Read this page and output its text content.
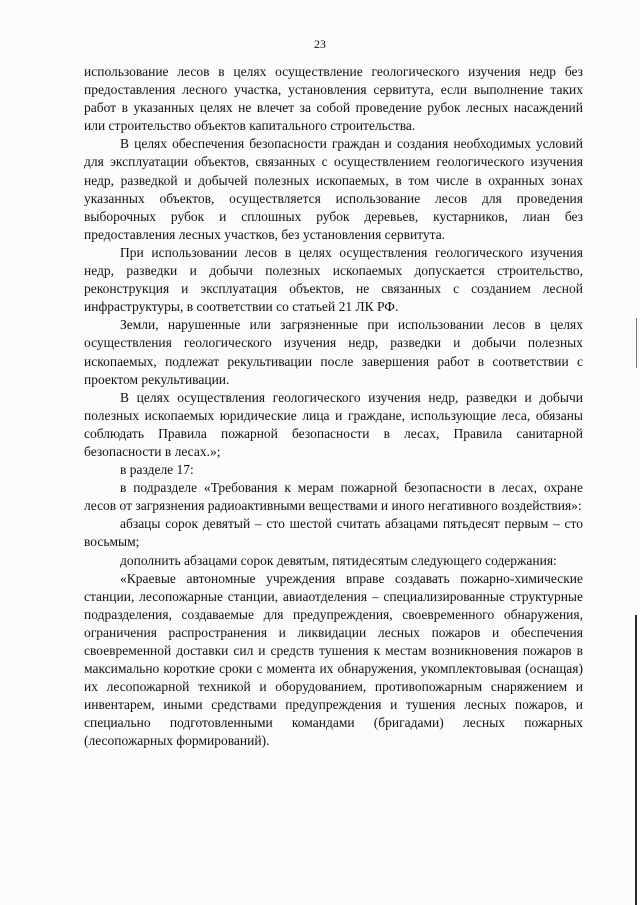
23

использование лесов в целях осуществление геологического изучения недр без предоставления лесного участка, установления сервитута, если выполнение таких работ в указанных целях не влечет за собой проведение рубок лесных насаждений или строительство объектов капитального строительства.

В целях обеспечения безопасности граждан и создания необходимых условий для эксплуатации объектов, связанных с осуществлением геологического изучения недр, разведкой и добычей полезных ископаемых, в том числе в охранных зонах указанных объектов, осуществляется использование лесов для проведения выборочных рубок и сплошных рубок деревьев, кустарников, лиан без предоставления лесных участков, без установления сервитута.

При использовании лесов в целях осуществления геологического изучения недр, разведки и добычи полезных ископаемых допускается строительство, реконструкция и эксплуатация объектов, не связанных с созданием лесной инфраструктуры, в соответствии со статьей 21 ЛК РФ.

Земли, нарушенные или загрязненные при использовании лесов в целях осуществления геологического изучения недр, разведки и добычи полезных ископаемых, подлежат рекультивации после завершения работ в соответствии с проектом рекультивации.

В целях осуществления геологического изучения недр, разведки и добычи полезных ископаемых юридические лица и граждане, использующие леса, обязаны соблюдать Правила пожарной безопасности в лесах, Правила санитарной безопасности в лесах.»;

в разделе 17:

в подразделе «Требования к мерам пожарной безопасности в лесах, охране лесов от загрязнения радиоактивными веществами и иного негативного воздействия»:

абзацы сорок девятый – сто шестой считать абзацами пятьдесят первым – сто восьмым;

дополнить абзацами сорок девятым, пятидесятым следующего содержания:

«Краевые автономные учреждения вправе создавать пожарно-химические станции, лесопожарные станции, авиаотделения – специализированные структурные подразделения, создаваемые для предупреждения, своевременного обнаружения, ограничения распространения и ликвидации лесных пожаров и обеспечения своевременной доставки сил и средств тушения к местам возникновения пожаров в максимально короткие сроки с момента их обнаружения, укомплектовывая (оснащая) их лесопожарной техникой и оборудованием, противопожарным снаряжением и инвентарем, иными средствами предупреждения и тушения лесных пожаров, и специально подготовленными командами (бригадами) лесных пожарных (лесопожарных формирований).
